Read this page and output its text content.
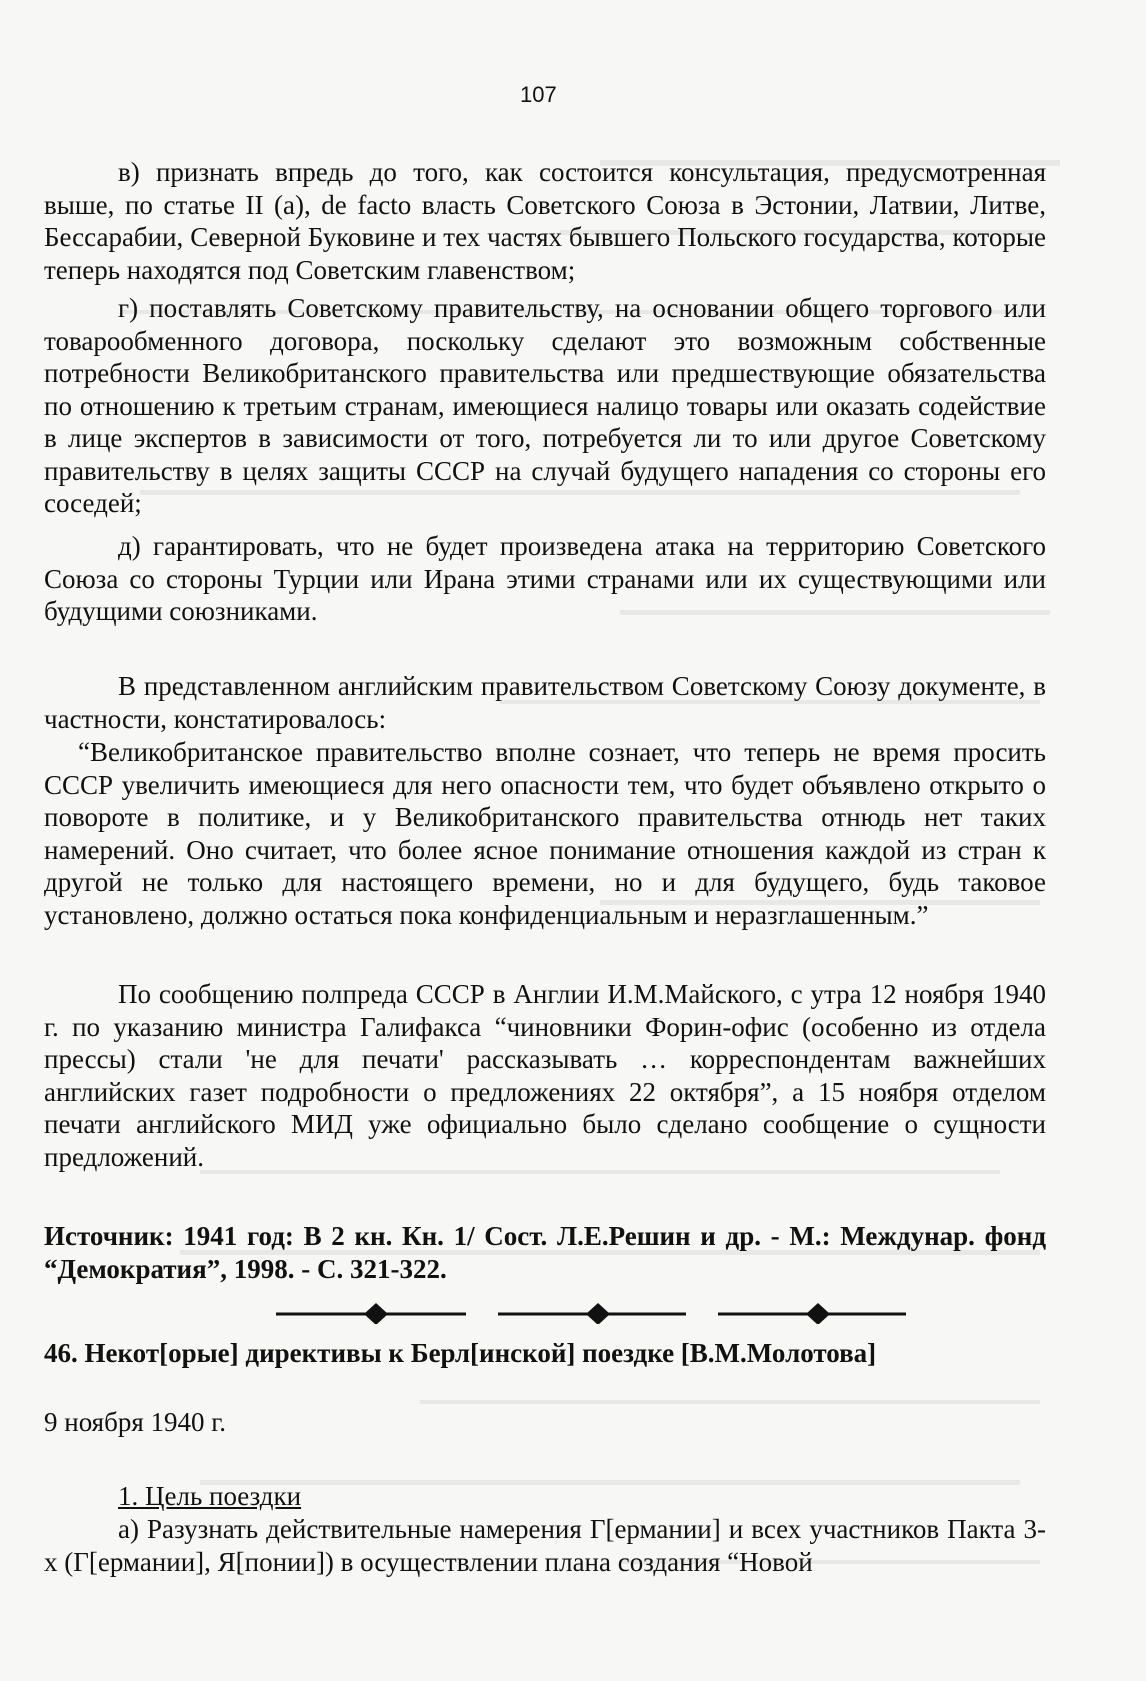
107
в) признать впредь до того, как состоится консультация, предусмотренная выше, по статье II (а), de facto власть Советского Союза в Эстонии, Латвии, Литве, Бессарабии, Северной Буковине и тех частях бывшего Польского государства, которые теперь находятся под Советским главенством;
г) поставлять Советскому правительству, на основании общего торгового или товарообменного договора, поскольку сделают это возможным собственные потребности Великобританского правительства или предшествующие обязательства по отношению к третьим странам, имеющиеся налицо товары или оказать содействие в лице экспертов в зависимости от того, потребуется ли то или другое Советскому правительству в целях защиты СССР на случай будущего нападения со стороны его соседей;
д) гарантировать, что не будет произведена атака на территорию Советского Союза со стороны Турции или Ирана этими странами или их существующими или будущими союзниками.
В представленном английским правительством Советскому Союзу документе, в частности, констатировалось:
“Великобританское правительство вполне сознает, что теперь не время просить СССР увеличить имеющиеся для него опасности тем, что будет объявлено открыто о повороте в политике, и у Великобританского правительства отнюдь нет таких намерений. Оно считает, что более ясное понимание отношения каждой из стран к другой не только для настоящего времени, но и для будущего, будь таковое установлено, должно остаться пока конфиденциальным и неразглашенным.”
По сообщению полпреда СССР в Англии И.М.Майского, с утра 12 ноября 1940 г. по указанию министра Галифакса “чиновники Форин-офис (особенно из отдела прессы) стали 'не для печати' рассказывать … корреспондентам важнейших английских газет подробности о предложениях 22 октября”, а 15 ноября отделом печати английского МИД уже официально было сделано сообщение о сущности предложений.
Источник: 1941 год: В 2 кн. Кн. 1/ Сост. Л.Е.Решин и др. - М.: Междунар. фонд “Демократия”, 1998. - С. 321-322.
46. Некот[орые] директивы к Берл[инской] поездке [В.М.Молотова]
9 ноября 1940 г.
1. Цель поездки
а) Разузнать действительные намерения Г[ермании] и всех участников Пакта 3-х (Г[ермании], Я[понии]) в осуществлении плана создания “Новой
